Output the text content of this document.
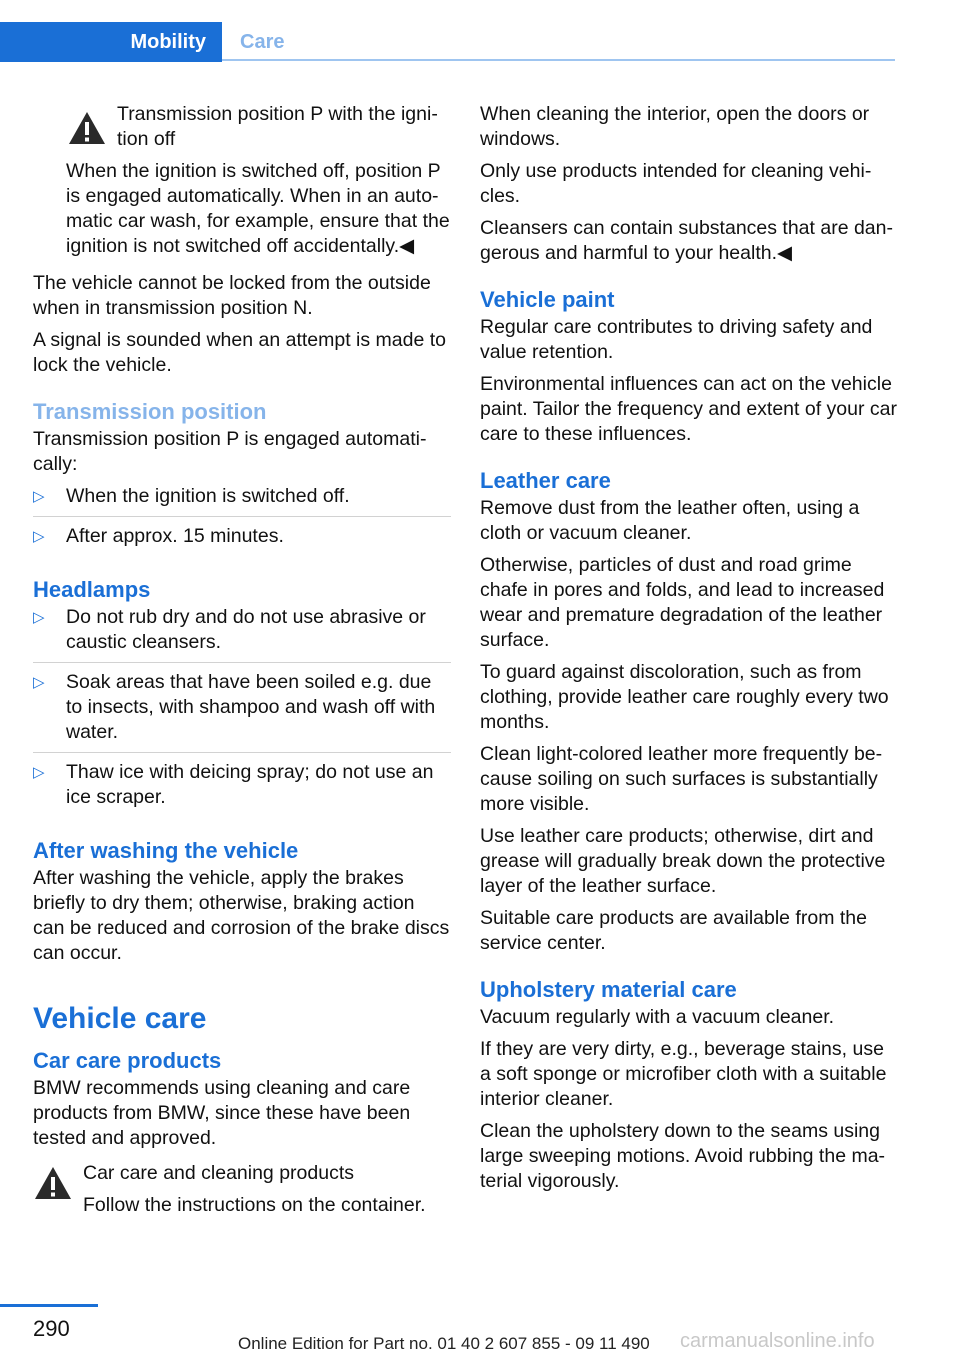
Mobility Care
Transmission position P with the igni-
tion off

When the ignition is switched off, position P is engaged automatically. When in an auto-matic car wash, for example, ensure that the ignition is not switched off accidentally.◀

The vehicle cannot be locked from the outside when in transmission position N.

A signal is sounded when an attempt is made to lock the vehicle.

Transmission position

Transmission position P is engaged automati-cally:

▷ When the ignition is switched off.
▷ After approx. 15 minutes.
Headlamps
▷ Do not rub dry and do not use abrasive or caustic cleansers.
▷ Soak areas that have been soiled e.g. due to insects, with shampoo and wash off with water.
▷ Thaw ice with deicing spray; do not use an ice scraper.
After washing the vehicle

After washing the vehicle, apply the brakes briefly to dry them; otherwise, braking action can be reduced and corrosion of the brake discs can occur.

Vehicle care
Car care products

BMW recommends using cleaning and care products from BMW, since these have been tested and approved.

Car care and cleaning products

Follow the instructions on the container.

When cleaning the interior, open the doors or windows.

Only use products intended for cleaning vehi-cles.

Cleansers can contain substances that are dan-gerous and harmful to your health.◀

Vehicle paint

Regular care contributes to driving safety and value retention.

Environmental influences can act on the vehicle paint. Tailor the frequency and extent of your car care to these influences.

Leather care

Remove dust from the leather often, using a cloth or vacuum cleaner.

Otherwise, particles of dust and road grime chafe in pores and folds, and lead to increased wear and premature degradation of the leather surface.

To guard against discoloration, such as from clothing, provide leather care roughly every two months.

Clean light-colored leather more frequently be-cause soiling on such surfaces is substantially more visible.

Use leather care products; otherwise, dirt and grease will gradually break down the protective layer of the leather surface.

Suitable care products are available from the service center.

Upholstery material care

Vacuum regularly with a vacuum cleaner.

If they are very dirty, e.g., beverage stains, use a soft sponge or microfiber cloth with a suitable interior cleaner.

Clean the upholstery down to the seams using large sweeping motions. Avoid rubbing the ma-terial vigorously.

290
Online Edition for Part no. 01 40 2 607 855 - 09 11 490 carmanualsonline.info
